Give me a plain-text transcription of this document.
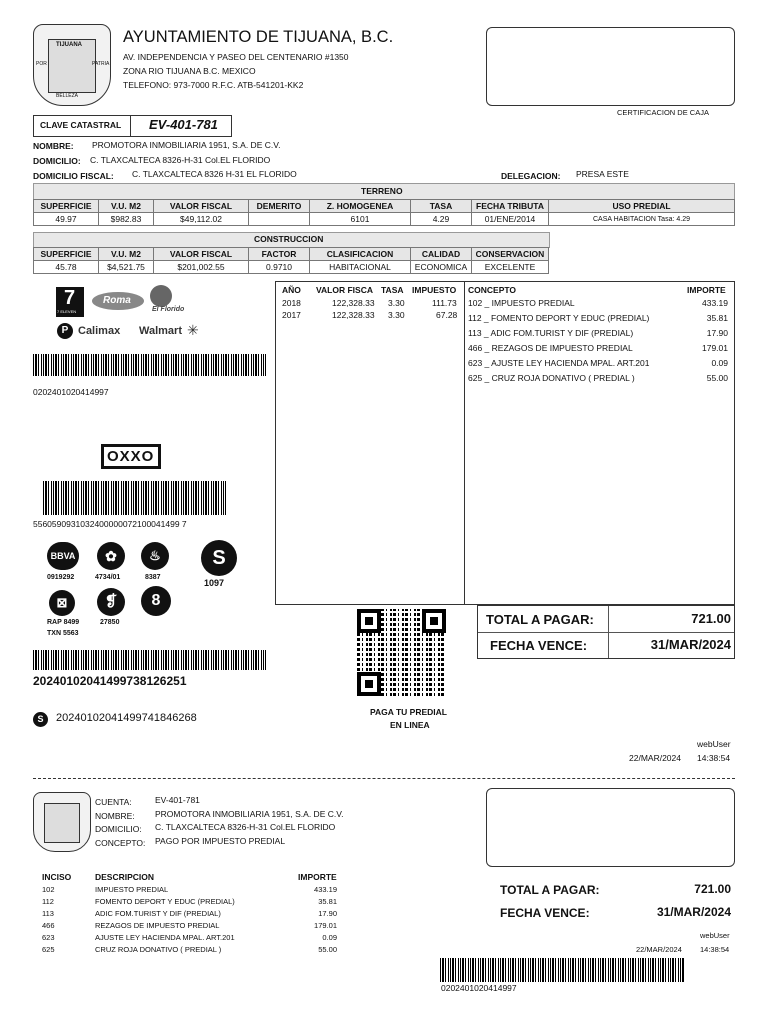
TIJUANA
POR	PATRIA
BELLEZA
AYUNTAMIENTO DE TIJUANA, B.C.
AV. INDEPENDENCIA Y PASEO DEL CENTENARIO #1350
ZONA RIO TIJUANA B.C. MEXICO
TELEFONO: 973-7000 R.F.C. ATB-541201-KK2
CERTIFICACION DE CAJA
CLAVE CATASTRAL EV-401-781
NOMBRE: PROMOTORA INMOBILIARIA 1951, S.A. DE C.V.
DOMICILIO: C. TLAXCALTECA 8326-H-31 Col.EL FLORIDO
DOMICILIO FISCAL: C. TLAXCALTECA 8326 H-31 EL FLORIDO	DELEGACION: PRESA ESTE
TERRENO
SUPERFICIE	V.U. M2	VALOR FISCAL	DEMERITO	Z. HOMOGENEA	TASA	FECHA TRIBUTA	USO PREDIAL
49.97	$982.83	$49,112.02		6101	4.29	01/ENE/2014	CASA HABITACION Tasa: 4.29
CONSTRUCCION
SUPERFICIE	V.U. M2	VALOR FISCAL	FACTOR	CLASIFICACION	CALIDAD	CONSERVACION
45.78	$4,521.75	$201,002.55	0.9710	HABITACIONAL	ECONOMICA	EXCELENTE
7
7 ELEVEN
Roma
El Florido
P Calimax Walmart ✳
0202401020414997
OXXO
5560590931032400000072100041499 7
BBVA
0919292
✿
4734/01
♨
8387
S
1097
⊠
RAP 8499
TXN 5563
❡
27850
8
20240102041499738126251
S	20240102041499741846268
AÑO VALOR FISCA TASA IMPUESTO
2018	122,328.33 3.30	111.73
2017	122,328.33 3.30	67.28
CONCEPTO	IMPORTE
102 _ IMPUESTO PREDIAL	433.19
112 _ FOMENTO DEPORT Y EDUC (PREDIAL)	35.81
113 _ ADIC FOM.TURIST Y DIF (PREDIAL)	17.90
466 _ REZAGOS DE IMPUESTO PREDIAL	179.01
623 _ AJUSTE LEY HACIENDA MPAL. ART.201	0.09
625 _ CRUZ ROJA DONATIVO ( PREDIAL )	55.00
TOTAL A PAGAR:	721.00
FECHA VENCE:	31/MAR/2024
PAGA TU PREDIAL
EN LINEA
webUser
22/MAR/2024 14:38:54
CUENTA:	EV-401-781
NOMBRE: PROMOTORA INMOBILIARIA 1951, S.A. DE C.V.
DOMICILIO: C. TLAXCALTECA 8326-H-31 Col.EL FLORIDO
CONCEPTO: PAGO POR IMPUESTO PREDIAL
INCISO	DESCRIPCION	IMPORTE
102	IMPUESTO PREDIAL	433.19
112	FOMENTO DEPORT Y EDUC (PREDIAL)	35.81
113	ADIC FOM.TURIST Y DIF (PREDIAL)	17.90
466	REZAGOS DE IMPUESTO PREDIAL	179.01
623	AJUSTE LEY HACIENDA MPAL. ART.201	0.09
625	CRUZ ROJA DONATIVO ( PREDIAL )	55.00
TOTAL A PAGAR:	721.00
FECHA VENCE:	31/MAR/2024
webUser
22/MAR/2024 14:38:54
0202401020414997
